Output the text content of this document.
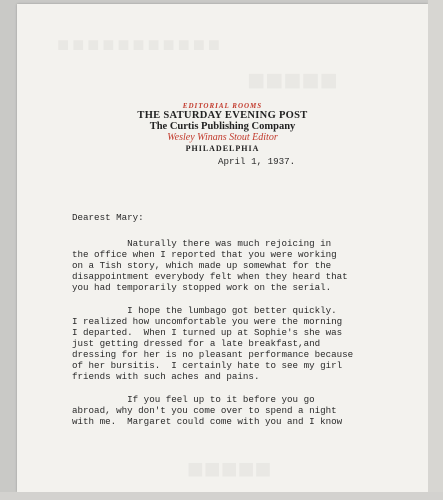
■■■■■■■■■■■
■■■■■
■■■■■
EDITORIAL ROOMS
THE SATURDAY EVENING POST
The Curtis Publishing Company
Wesley Winans Stout Editor
PHILADELPHIA
April 1, 1937.
Dearest Mary:
Naturally there was much rejoicing in
the office when I reported that you were working
on a Tish story, which made up somewhat for the
disappointment everybody felt when they heard that
you had temporarily stopped work on the serial.
I hope the lumbago got better quickly.
I realized how uncomfortable you were the morning
I departed.  When I turned up at Sophie's she was
just getting dressed for a late breakfast,and
dressing for her is no pleasant performance because
of her bursitis.  I certainly hate to see my girl
friends with such aches and pains.
If you feel up to it before you go
abroad, why don't you come over to spend a night
with me.  Margaret could come with you and I know
